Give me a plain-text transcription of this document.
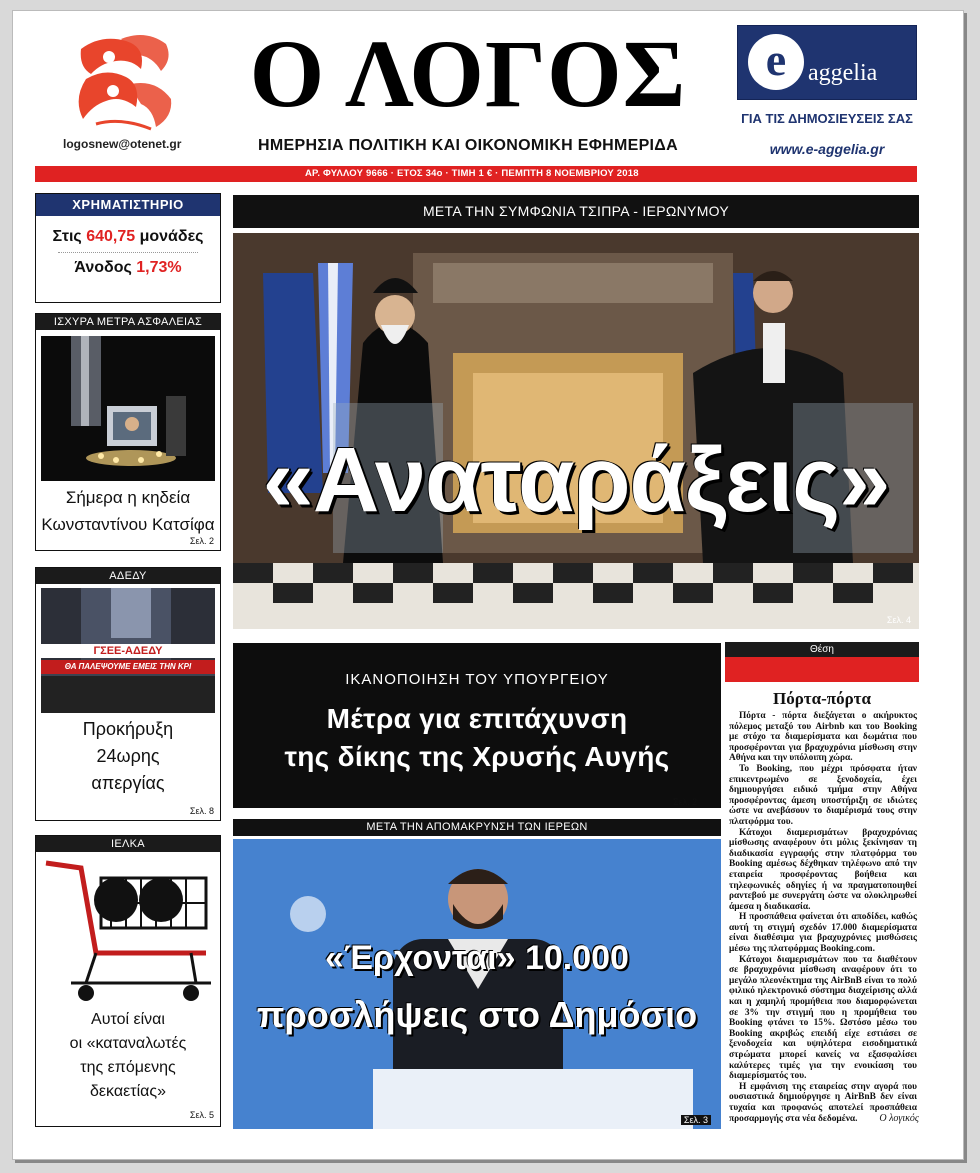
logosnew@otenet.gr
Ο ΛΟΓΟΣ
ΗΜΕΡΗΣΙΑ ΠΟΛΙΤΙΚΗ ΚΑΙ ΟΙΚΟΝΟΜΙΚΗ ΕΦΗΜΕΡΙΔΑ
e aggelia
ΓΙΑ ΤΙΣ ΔΗΜΟΣΙΕΥΣΕΙΣ ΣΑΣ
www.e-aggelia.gr
ΑΡ. ΦΥΛΛΟΥ 9666 · ΕΤΟΣ 34ο · ΤΙΜΗ 1 € · ΠΕΜΠΤΗ 8 ΝΟΕΜΒΡΙΟΥ 2018
ΧΡΗΜΑΤΙΣΤΗΡΙΟ
Στις 640,75 μονάδες
Άνοδος 1,73%
ΙΣΧΥΡΑ ΜΕΤΡΑ ΑΣΦΑΛΕΙΑΣ
Σήμερα η κηδεία
Κωνσταντίνου Κατσίφα
Σελ. 2
ΑΔΕΔΥ
ΓΣΕΕ-ΑΔΕΔΥ
ΘΑ ΠΑΛΕΨΟΥΜΕ ΕΜΕΙΣ ΤΗΝ ΚΡΙ
Προκήρυξη
24ωρης
απεργίας
Σελ. 8
ΙΕΛΚΑ
Αυτοί είναι
οι «καταναλωτές
της επόμενης
δεκαετίας»
Σελ. 5
ΜΕΤΑ ΤΗΝ ΣΥΜΦΩΝΙΑ ΤΣΙΠΡΑ - ΙΕΡΩΝΥΜΟΥ
«Αναταράξεις»
Σελ. 4
ΙΚΑΝΟΠΟΙΗΣΗ ΤΟΥ ΥΠΟΥΡΓΕΙΟΥ
Μέτρα για επιτάχυνση
της δίκης της Χρυσής Αυγής
Σελ. 2
ΜΕΤΑ ΤΗΝ ΑΠΟΜΑΚΡΥΝΣΗ ΤΩΝ ΙΕΡΕΩΝ
«Έρχονται» 10.000
προσλήψεις στο Δημόσιο
Σελ. 3
Θέση
Πόρτα-πόρτα

Πόρτα - πόρτα διεξάγεται ο ακήρυκτος πόλεμος μεταξύ του Airbnb και του Booking με στόχο τα διαμερίσματα και δωμάτια που προσφέρονται για βραχυχρόνια μίσθωση στην Αθήνα και την υπόλοιπη χώρα.

Το Booking, που μέχρι πρόσφατα ήταν επικεντρωμένο σε ξενοδοχεία, έχει δημιουργήσει ειδικό τμήμα στην Αθήνα προσφέροντας άμεση υποστήριξη σε ιδιώτες ώστε να ανεβάσουν το διαμέρισμά τους στην πλατφόρμα του.

Κάτοχοι διαμερισμάτων βραχυχρόνιας μίσθωσης αναφέρουν ότι μόλις ξεκίνησαν τη διαδικασία εγγραφής στην πλατφόρμα του Booking αμέσως δέχθηκαν τηλέφωνο από την εταιρεία προσφέροντας βοήθεια και τηλεφωνικές οδηγίες ή να πραγματοποιηθεί ραντεβού με συνεργάτη ώστε να ολοκληρωθεί άμεσα η διαδικασία.

Η προσπάθεια φαίνεται ότι αποδίδει, καθώς αυτή τη στιγμή σχεδόν 17.000 διαμερίσματα είναι διαθέσιμα για βραχυχρόνιες μισθώσεις μέσω της πλατφόρμας Booking.com.

Κάτοχοι διαμερισμάτων που τα διαθέτουν σε βραχυχρόνια μίσθωση αναφέρουν ότι το μεγάλο πλεονέκτημα της AirBnB είναι το πολύ φιλικό ηλεκτρονικό σύστημα διαχείρισης αλλά και η χαμηλή προμήθεια που διαμορφώνεται σε 3% την στιγμή που η προμήθεια του Booking φτάνει το 15%. Ωστόσο μέσω του Booking ακριβώς επειδή είχε εστιάσει σε ξενοδοχεία και υψηλότερα εισοδηματικά στρώματα μπορεί κανείς να εξασφαλίσει καλύτερες τιμές για την ενοικίαση του διαμερίσματός του.

Η εμφάνιση της εταιρείας στην αγορά που ουσιαστικά δημιούργησε η AirBnB δεν είναι τυχαία και προφανώς αποτελεί προσπάθεια προσαρμογής στα νέα δεδομένα.	Ο λογικός
